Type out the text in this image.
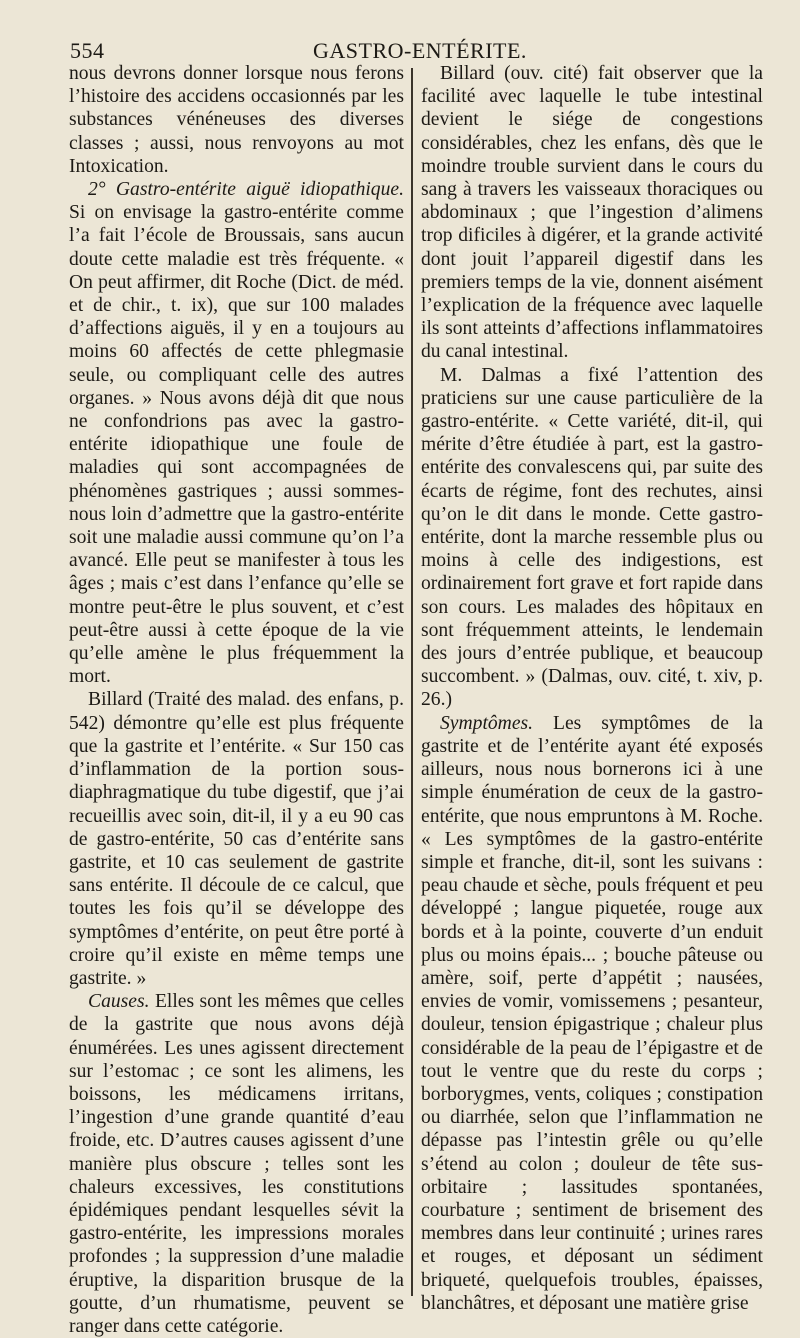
554	GASTRO-ENTÉRITE.

nous devrons donner lorsque nous ferons l’histoire des accidens occasionnés par les substances vénéneuses des diverses classes ; aussi, nous renvoyons au mot Intoxication.

2° Gastro-entérite aiguë idiopathique. Si on envisage la gastro-entérite comme l’a fait l’école de Broussais, sans aucun doute cette maladie est très fréquente. « On peut affirmer, dit Roche (Dict. de méd. et de chir., t. ix), que sur 100 malades d’affections aiguës, il y en a toujours au moins 60 affectés de cette phlegmasie seule, ou compliquant celle des autres organes. » Nous avons déjà dit que nous ne confondrions pas avec la gastro-entérite idiopathique une foule de maladies qui sont accompagnées de phénomènes gastriques ; aussi sommes-nous loin d’admettre que la gastro-entérite soit une maladie aussi commune qu’on l’a avancé. Elle peut se manifester à tous les âges ; mais c’est dans l’enfance qu’elle se montre peut-être le plus souvent, et c’est peut-être aussi à cette époque de la vie qu’elle amène le plus fréquemment la mort.

Billard (Traité des malad. des enfans, p. 542) démontre qu’elle est plus fréquente que la gastrite et l’entérite. « Sur 150 cas d’inflammation de la portion sous-diaphragmatique du tube digestif, que j’ai recueillis avec soin, dit-il, il y a eu 90 cas de gastro-entérite, 50 cas d’entérite sans gastrite, et 10 cas seulement de gastrite sans entérite. Il découle de ce calcul, que toutes les fois qu’il se développe des symptômes d’entérite, on peut être porté à croire qu’il existe en même temps une gastrite. »

Causes. Elles sont les mêmes que celles de la gastrite que nous avons déjà énumérées. Les unes agissent directement sur l’estomac ; ce sont les alimens, les boissons, les médicamens irritans, l’ingestion d’une grande quantité d’eau froide, etc. D’autres causes agissent d’une manière plus obscure ; telles sont les chaleurs excessives, les constitutions épidémiques pendant lesquelles sévit la gastro-entérite, les impressions morales profondes ; la suppression d’une maladie éruptive, la disparition brusque de la goutte, d’un rhumatisme, peuvent se ranger dans cette catégorie.

Billard (ouv. cité) fait observer que la facilité avec laquelle le tube intestinal devient le siége de congestions considérables, chez les enfans, dès que le moindre trouble survient dans le cours du sang à travers les vaisseaux thoraciques ou abdominaux ; que l’ingestion d’alimens trop dificiles à digérer, et la grande activité dont jouit l’appareil digestif dans les premiers temps de la vie, donnent aisément l’explication de la fréquence avec laquelle ils sont atteints d’affections inflammatoires du canal intestinal.

M. Dalmas a fixé l’attention des praticiens sur une cause particulière de la gastro-entérite. « Cette variété, dit-il, qui mérite d’être étudiée à part, est la gastro-entérite des convalescens qui, par suite des écarts de régime, font des rechutes, ainsi qu’on le dit dans le monde. Cette gastro-entérite, dont la marche ressemble plus ou moins à celle des indigestions, est ordinairement fort grave et fort rapide dans son cours. Les malades des hôpitaux en sont fréquemment atteints, le lendemain des jours d’entrée publique, et beaucoup succombent. » (Dalmas, ouv. cité, t. xiv, p. 26.)

Symptômes. Les symptômes de la gastrite et de l’entérite ayant été exposés ailleurs, nous nous bornerons ici à une simple énumération de ceux de la gastro-entérite, que nous empruntons à M. Roche. « Les symptômes de la gastro-entérite simple et franche, dit-il, sont les suivans : peau chaude et sèche, pouls fréquent et peu développé ; langue piquetée, rouge aux bords et à la pointe, couverte d’un enduit plus ou moins épais... ; bouche pâteuse ou amère, soif, perte d’appétit ; nausées, envies de vomir, vomissemens ; pesanteur, douleur, tension épigastrique ; chaleur plus considérable de la peau de l’épigastre et de tout le ventre que du reste du corps ; borborygmes, vents, coliques ; constipation ou diarrhée, selon que l’inflammation ne dépasse pas l’intestin grêle ou qu’elle s’étend au colon ; douleur de tête sus-orbitaire ; lassitudes spontanées, courbature ; sentiment de brisement des membres dans leur continuité ; urines rares et rouges, et déposant un sédiment briqueté, quelquefois troubles, épaisses, blanchâtres, et déposant une matière grise
